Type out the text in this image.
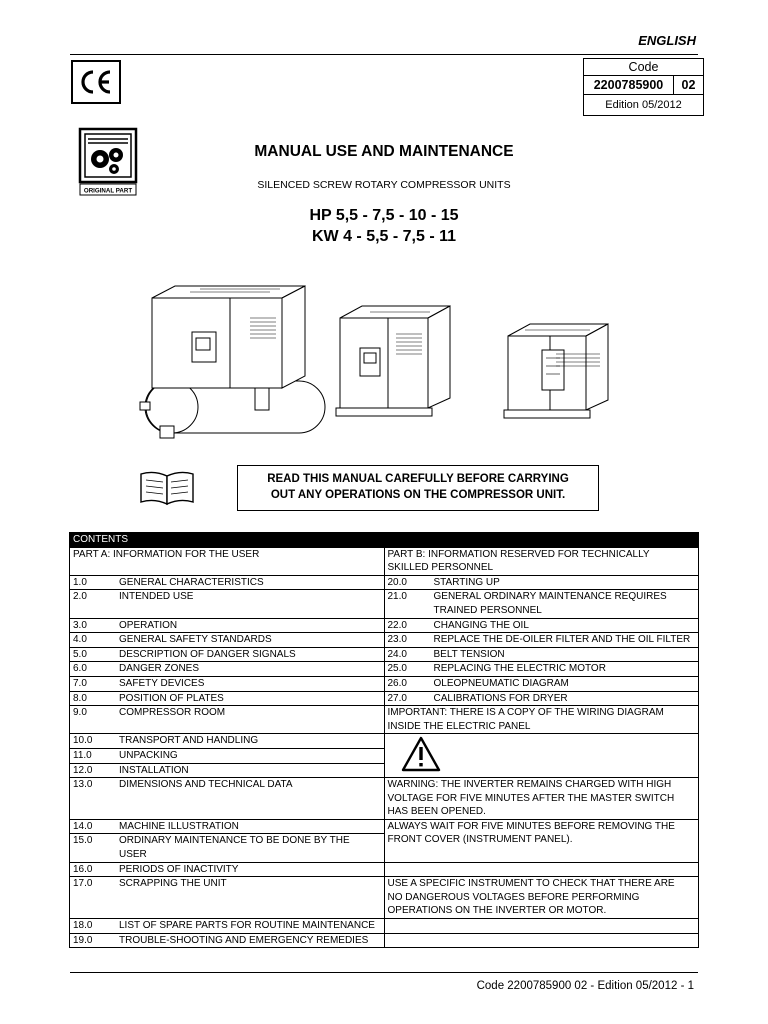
ENGLISH
Code
2200785900	02
Edition 05/2012
ORIGINAL PART
MANUAL USE AND MAINTENANCE
SILENCED SCREW ROTARY COMPRESSOR UNITS
HP 5,5 - 7,5 - 10 - 15
KW 4 - 5,5 - 7,5 - 11
READ THIS MANUAL CAREFULLY BEFORE CARRYING
OUT ANY OPERATIONS ON THE COMPRESSOR UNIT.
CONTENTS	
PART A: INFORMATION FOR THE USER	PART B: INFORMATION RESERVED FOR TECHNICALLY
SKILLED PERSONNEL

1.0 GENERAL CHARACTERISTICS	20.0 STARTING UP
2.0 INTENDED USE	21.0 GENERAL ORDINARY MAINTENANCE REQUIRES
TRAINED PERSONNEL

3.0 OPERATION	22.0 CHANGING THE OIL
4.0 GENERAL SAFETY STANDARDS	23.0 REPLACE THE DE-OILER FILTER AND THE OIL FILTER
5.0 DESCRIPTION OF DANGER SIGNALS	24.0 BELT TENSION
6.0 DANGER ZONES	25.0 REPLACING THE ELECTRIC MOTOR
7.0 SAFETY DEVICES	26.0 OLEOPNEUMATIC DIAGRAM
8.0 POSITION OF PLATES	27.0 CALIBRATIONS FOR DRYER
9.0 COMPRESSOR ROOM	IMPORTANT: THERE IS A COPY OF THE WIRING DIAGRAM
INSIDE THE ELECTRIC PANEL

10.0 TRANSPORT AND HANDLING	

11.0 UNPACKING	
12.0 INSTALLATION	
13.0 DIMENSIONS AND TECHNICAL DATA	WARNING: THE INVERTER REMAINS CHARGED WITH HIGH
VOLTAGE FOR FIVE MINUTES AFTER THE MASTER SWITCH
HAS BEEN OPENED.

14.0 MACHINE ILLUSTRATION	ALWAYS WAIT FOR FIVE MINUTES BEFORE REMOVING THE
FRONT COVER (INSTRUMENT PANEL).

15.0 ORDINARY MAINTENANCE TO BE DONE BY THE
USER	

16.0 PERIODS OF INACTIVITY	
17.0 SCRAPPING THE UNIT	USE A SPECIFIC INSTRUMENT TO CHECK THAT THERE ARE
NO DANGEROUS VOLTAGES BEFORE PERFORMING
OPERATIONS ON THE INVERTER OR MOTOR.

18.0 LIST OF SPARE PARTS FOR ROUTINE MAINTENANCE	
19.0 TROUBLE-SHOOTING AND EMERGENCY REMEDIES	
Code 2200785900 02 - Edition 05/2012 - 1
